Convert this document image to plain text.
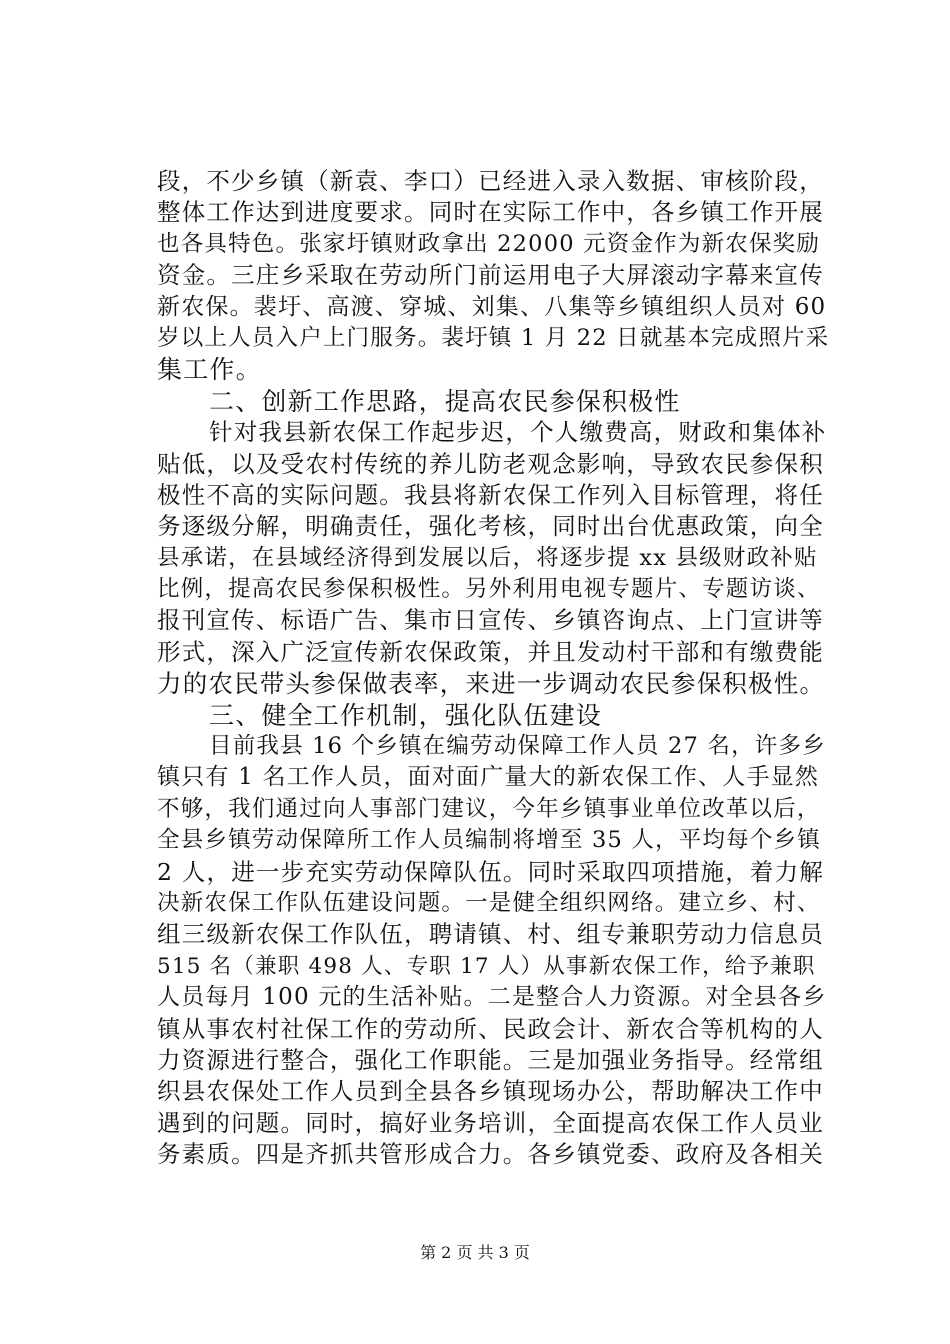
段，不少乡镇（新袁、李口）已经进入录入数据、审核阶段，
整体工作达到进度要求。同时在实际工作中，各乡镇工作开展
也各具特色。张家圩镇财政拿出 22000 元资金作为新农保奖励
资金。三庄乡采取在劳动所门前运用电子大屏滚动字幕来宣传
新农保。裴圩、高渡、穿城、刘集、八集等乡镇组织人员对 60
岁以上人员入户上门服务。裴圩镇 1 月 22 日就基本完成照片采
集工作。
二、创新工作思路，提高农民参保积极性
针对我县新农保工作起步迟，个人缴费高，财政和集体补
贴低，以及受农村传统的养儿防老观念影响，导致农民参保积
极性不高的实际问题。我县将新农保工作列入目标管理，将任
务逐级分解，明确责任，强化考核，同时出台优惠政策，向全
县承诺，在县域经济得到发展以后，将逐步提 xx 县级财政补贴
比例，提高农民参保积极性。另外利用电视专题片、专题访谈、
报刊宣传、标语广告、集市日宣传、乡镇咨询点、上门宣讲等
形式，深入广泛宣传新农保政策，并且发动村干部和有缴费能
力的农民带头参保做表率，来进一步调动农民参保积极性。
三、健全工作机制，强化队伍建设
目前我县 16 个乡镇在编劳动保障工作人员 27 名，许多乡
镇只有 1 名工作人员，面对面广量大的新农保工作、人手显然
不够，我们通过向人事部门建议，今年乡镇事业单位改革以后，
全县乡镇劳动保障所工作人员编制将增至 35 人，平均每个乡镇
2 人，进一步充实劳动保障队伍。同时采取四项措施，着力解
决新农保工作队伍建设问题。一是健全组织网络。建立乡、村、
组三级新农保工作队伍，聘请镇、村、组专兼职劳动力信息员
515 名（兼职 498 人、专职 17 人）从事新农保工作，给予兼职
人员每月 100 元的生活补贴。二是整合人力资源。对全县各乡
镇从事农村社保工作的劳动所、民政会计、新农合等机构的人
力资源进行整合，强化工作职能。三是加强业务指导。经常组
织县农保处工作人员到全县各乡镇现场办公，帮助解决工作中
遇到的问题。同时，搞好业务培训，全面提高农保工作人员业
务素质。四是齐抓共管形成合力。各乡镇党委、政府及各相关
第 2 页 共 3 页
